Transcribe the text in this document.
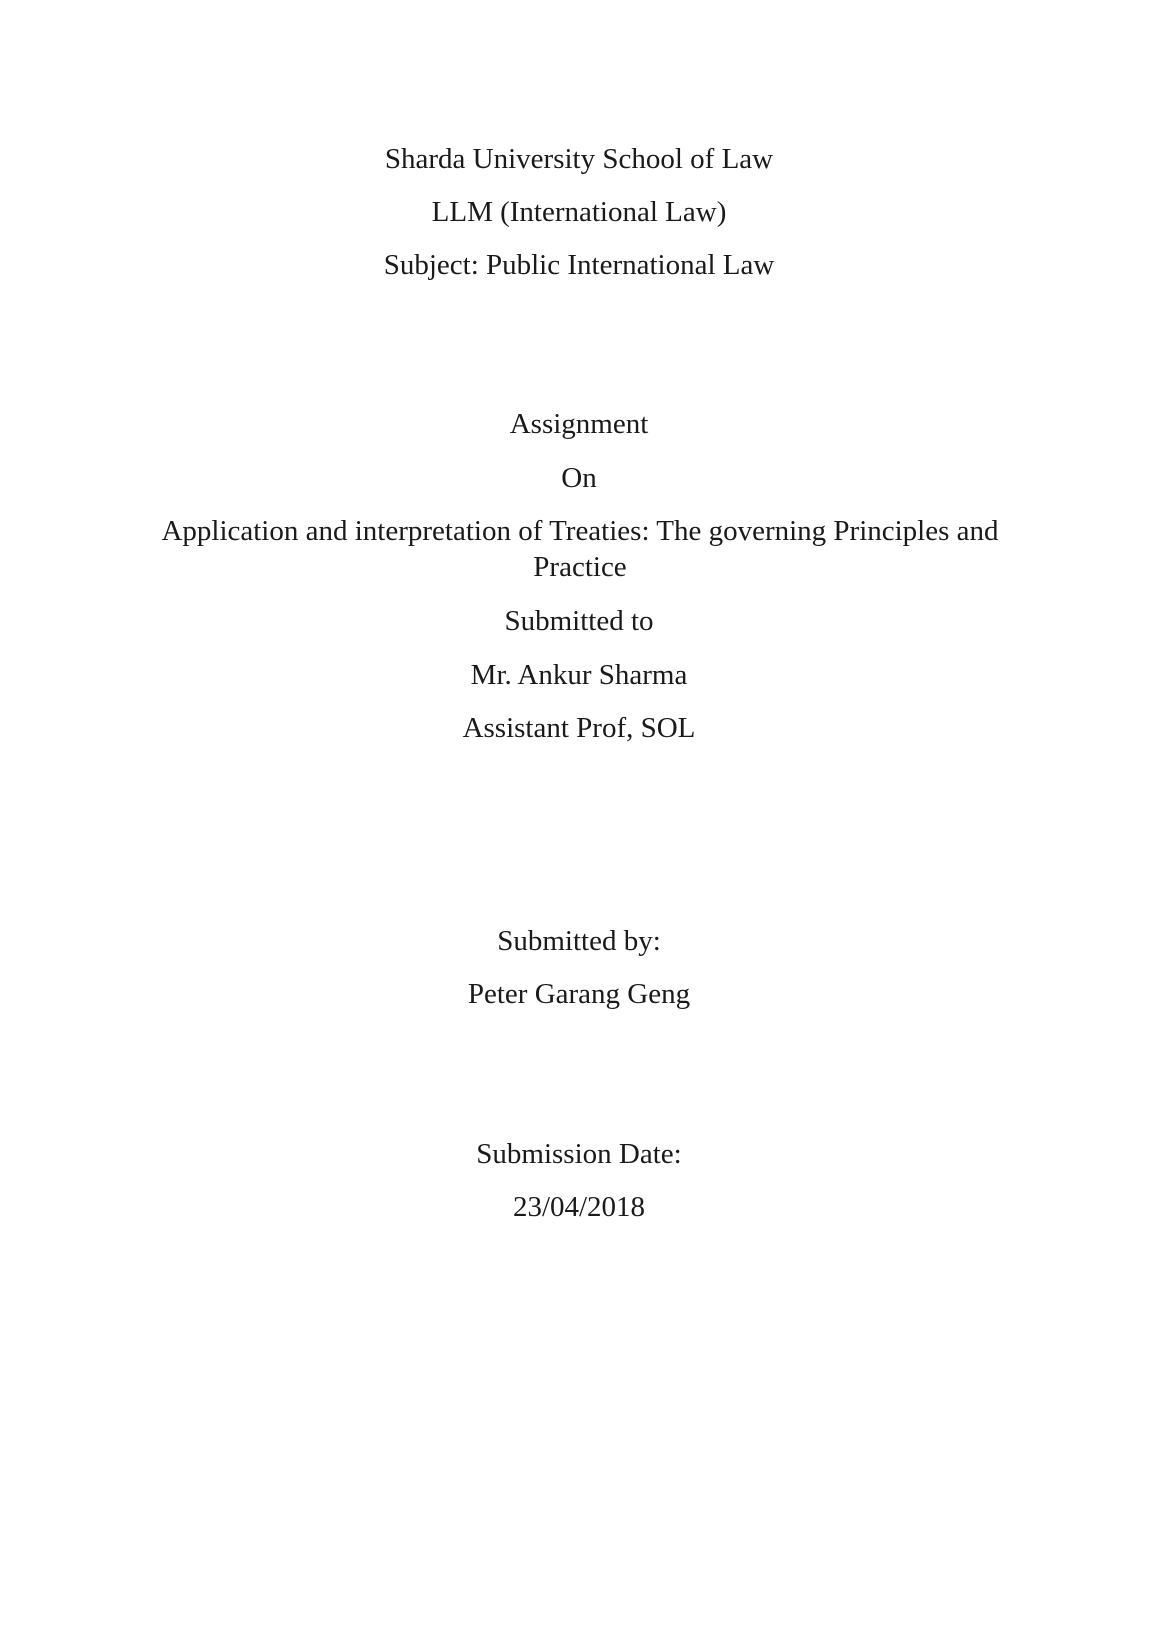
Sharda University School of Law
LLM (International Law)
Subject: Public International Law
Assignment
On
Application and interpretation of Treaties: The governing Principles and Practice
Submitted to
Mr. Ankur Sharma
Assistant Prof, SOL
Submitted by:
Peter Garang Geng
Submission Date:
23/04/2018
